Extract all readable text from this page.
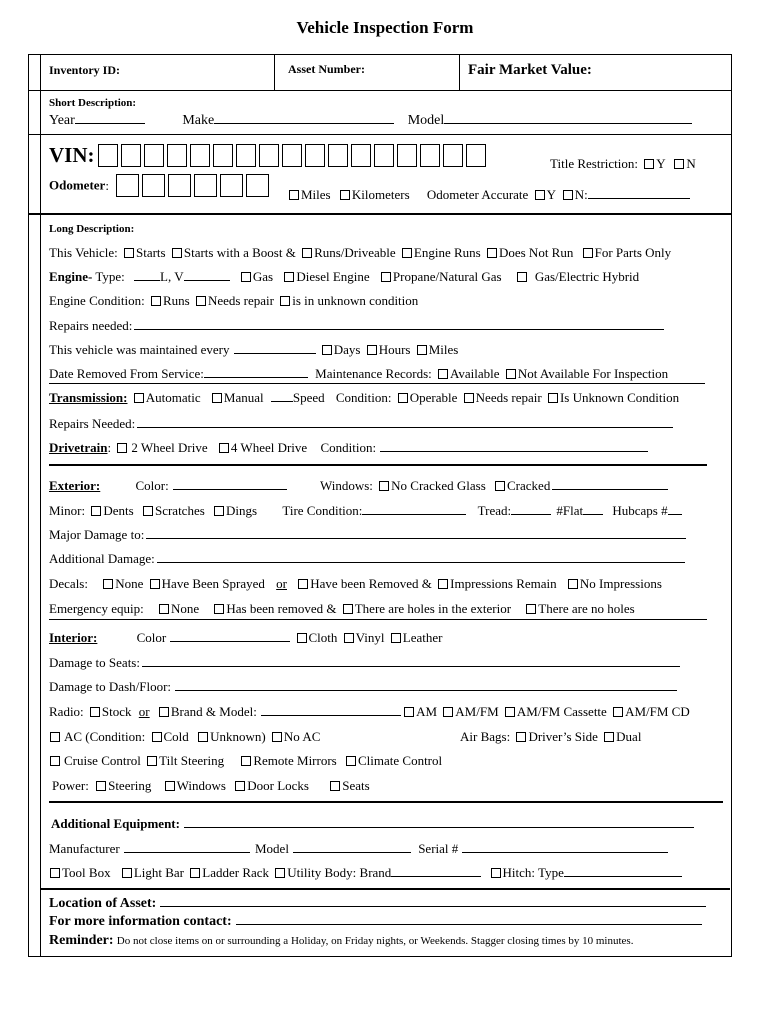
Vehicle Inspection Form
Inventory ID:	Asset Number:	Fair Market Value:
Short Description:
Year	Make	Model
VIN:	Title Restriction: Y N
Odometer:
Miles Kilometers Odometer Accurate Y N:
Long Description:
This Vehicle: Starts Starts with a Boost & Runs/Driveable Engine Runs Does Not Run For Parts Only
Engine- Type:	L, V	Gas Diesel Engine Propane/Natural Gas	Gas/Electric Hybrid
Engine Condition: Runs Needs repair is in unknown condition
Repairs needed:
This vehicle was maintained every	Days Hours Miles
Date Removed From Service:	Maintenance Records: Available Not Available For Inspection
Transmission: Automatic Manual Speed Condition: Operable Needs repair Is Unknown Condition
Repairs Needed:
Drivetrain: 2 Wheel Drive 4 Wheel Drive Condition:
Exterior:	Color:	Windows: No Cracked Glass Cracked
Minor: Dents Scratches Dings Tire Condition:	Tread:	#Flat Hubcaps #
Major Damage to:
Additional Damage:
Decals: None Have Been Sprayed or Have been Removed & Impressions Remain No Impressions
Emergency equip: None Has been removed & There are holes in the exterior There are no holes
Interior:	Color	Cloth Vinyl Leather
Damage to Seats:
Damage to Dash/Floor:
Radio: Stock or Brand & Model:	AM AM/FM AM/FM Cassette AM/FM CD
AC (Condition: Cold Unknown) No AC	Air Bags: Driver’s Side Dual
Cruise Control Tilt Steering Remote Mirrors Climate Control
Power: Steering Windows Door Locks	Seats
Additional Equipment:
Manufacturer	Model	Serial #
Tool Box Light Bar Ladder Rack Utility Body: Brand	Hitch: Type
Location of Asset:
For more information contact:
Reminder: Do not close items on or surrounding a Holiday, on Friday nights, or Weekends. Stagger closing times by 10 minutes.
